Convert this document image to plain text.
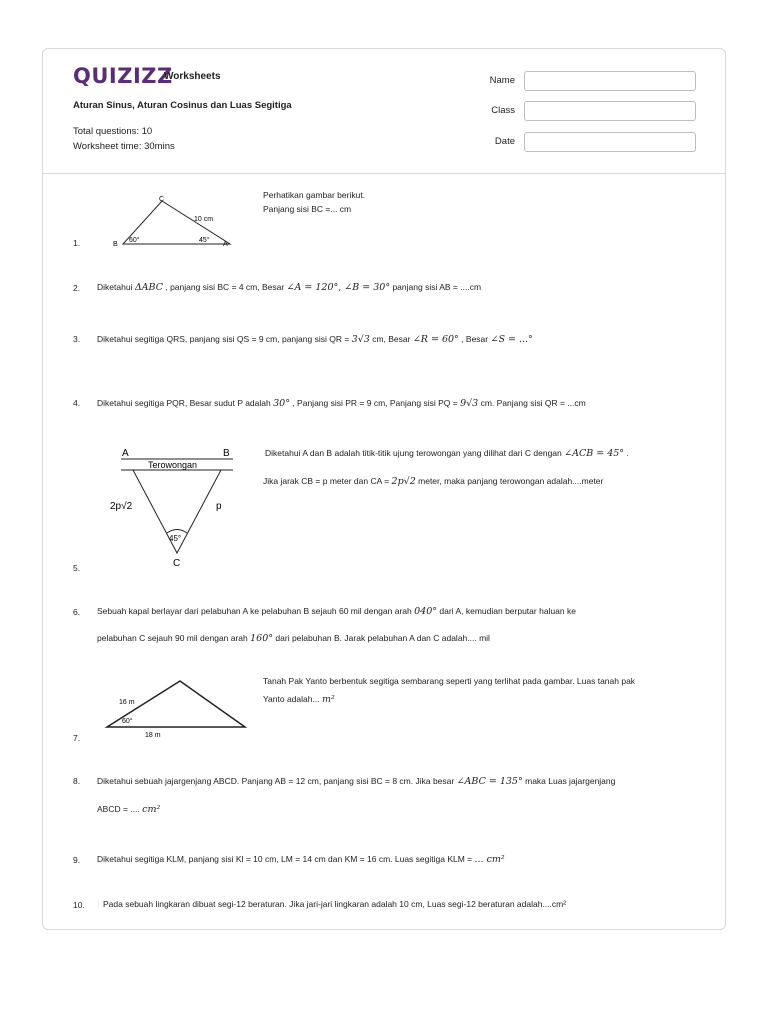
QUIZIZZ
Worksheets
Aturan Sinus, Aturan Cosinus dan Luas Segitiga
Total questions: 10
Worksheet time: 30mins
Name
Class
Date
1.
C
B	A
10 cm
60°	45°
Perhatikan gambar berikut.
Panjang sisi BC =... cm
2. Diketahui ΔABC , panjang sisi BC = 4 cm, Besar ∠A = 120°, ∠B = 30° panjang sisi AB = ....cm
3. Diketahui segitiga QRS, panjang sisi QS = 9 cm, panjang sisi QR = 3√3 cm, Besar ∠R = 60° , Besar ∠S = ...°
4. Diketahui segitiga PQR, Besar sudut P adalah 30° , Panjang sisi PR = 9 cm, Panjang sisi PQ = 9√3 cm. Panjang sisi QR = ...cm
5.
A	B
Terowongan
2p√2	p
45°
C
Diketahui A dan B adalah titik-titik ujung terowongan yang dilihat dari C dengan ∠ACB = 45° .
Jika jarak CB = p meter dan CA = 2p√2 meter, maka panjang terowongan adalah....meter
6. Sebuah kapal berlayar dari pelabuhan A ke pelabuhan B sejauh 60 mil dengan arah 040° dari A, kemudian berputar haluan ke
pelabuhan C sejauh 90 mil dengan arah 160° dari pelabuhan B. Jarak pelabuhan A dan C adalah.... mil
7.
16 m
60°
18 m
Tanah Pak Yanto berbentuk segitiga sembarang seperti yang terlihat pada gambar. Luas tanah pak
Yanto adalah... m²
8. Diketahui sebuah jajargenjang ABCD. Panjang AB = 12 cm, panjang sisi BC = 8 cm. Jika besar ∠ABC = 135° maka Luas jajargenjang
ABCD = .... cm²
9. Diketahui segitiga KLM, panjang sisi Kl = 10 cm, LM = 14 cm dan KM = 16 cm. Luas segitiga KLM = ... cm²
10. Pada sebuah lingkaran dibuat segi-12 beraturan. Jika jari-jari lingkaran adalah 10 cm, Luas segi-12 beraturan adalah....cm²
